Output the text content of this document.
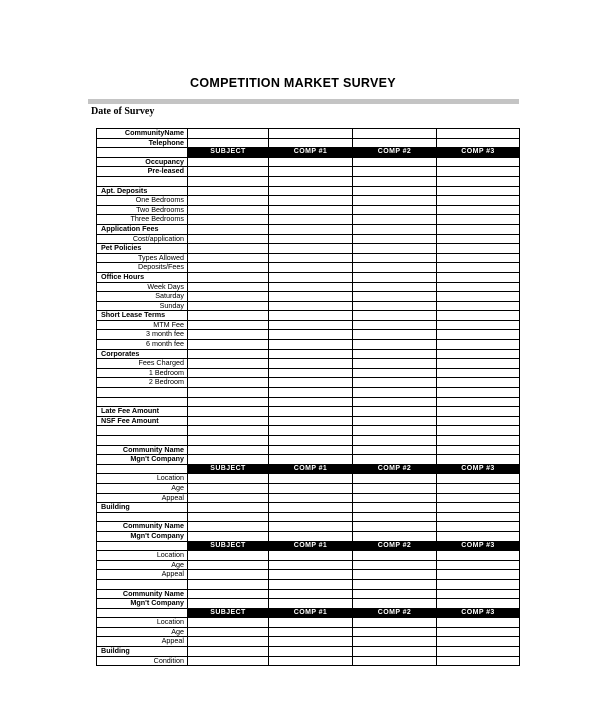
COMPETITION MARKET SURVEY
Date of Survey
CommunityName				
Telephone				
	SUBJECT	COMP #1	COMP #2	COMP #3
Occupancy				
Pre-leased				

Apt. Deposits				
One Bedrooms				
Two Bedrooms				
Three Bedrooms				
Application Fees				
Cost/application				
Pet Policies				
Types Allowed				
Deposits/Fees				
Office Hours				
Week Days				
Saturday				
Sunday				
Short Lease Terms				
MTM Fee				
3 month fee				
6 month fee				
Corporates				
Fees Charged				
1 Bedroom				
2 Bedroom				

Late Fee Amount				
NSF Fee Amount				

Community Name				
Mgn't Company				
	SUBJECT	COMP #1	COMP #2	COMP #3
Location				
Age				
Appeal				
Building				

Community Name				
Mgn't Company				
	SUBJECT	COMP #1	COMP #2	COMP #3
Location				
Age				
Appeal				

Community Name				
Mgn't Company				
	SUBJECT	COMP #1	COMP #2	COMP #3
Location				
Age				
Appeal				
Building				
Condition				
